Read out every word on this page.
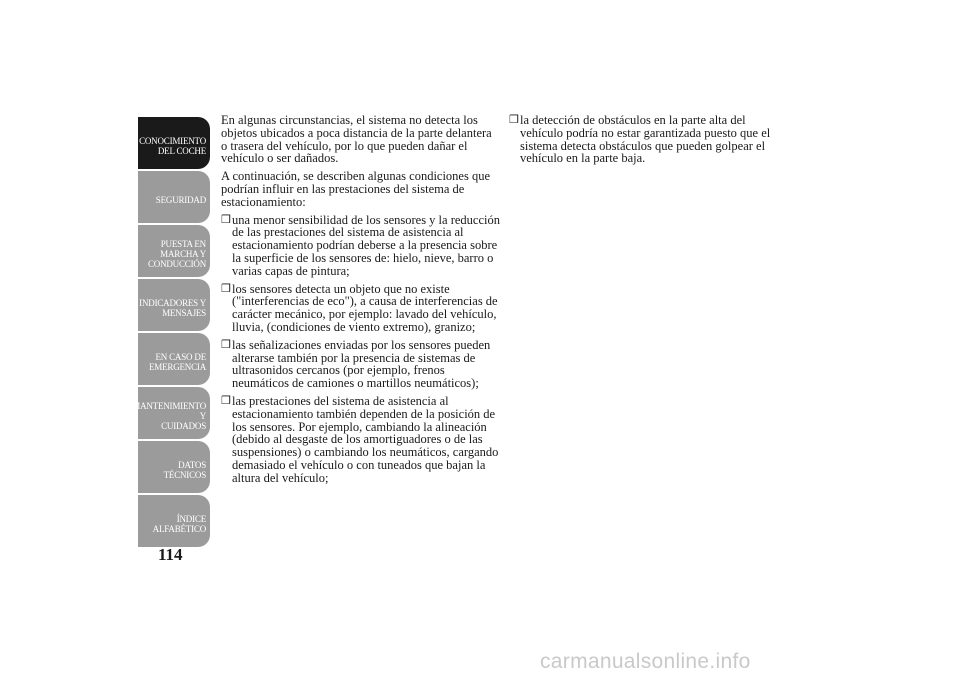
CONOCIMIENTO
DEL COCHE
SEGURIDAD
PUESTA EN
MARCHA Y
CONDUCCIÓN
INDICADORES Y
MENSAJES
EN CASO DE
EMERGENCIA
MANTENIMIENTO Y
CUIDADOS
DATOS TÉCNICOS
ÍNDICE
ALFABÉTICO
114

En algunas circunstancias, el sistema no detecta los objetos ubicados a poca distancia de la parte delantera o trasera del vehículo, por lo que pueden dañar el vehículo o ser dañados.

A continuación, se describen algunas condiciones que podrían influir en las prestaciones del sistema de estacionamiento:

❒ una menor sensibilidad de los sensores y la reducción de las prestaciones del sistema de asistencia al estacionamiento podrían deberse a la presencia sobre la superficie de los sensores de: hielo, nieve, barro o varias capas de pintura;
❒ los sensores detecta un objeto que no existe ("interferencias de eco"), a causa de interferencias de carácter mecánico, por ejemplo: lavado del vehículo, lluvia, (condiciones de viento extremo), granizo;
❒ las señalizaciones enviadas por los sensores pueden alterarse también por la presencia de sistemas de ultrasonidos cercanos (por ejemplo, frenos neumáticos de camiones o martillos neumáticos);
❒ las prestaciones del sistema de asistencia al estacionamiento también dependen de la posición de los sensores. Por ejemplo, cambiando la alineación (debido al desgaste de los amortiguadores o de las suspensiones) o cambiando los neumáticos, cargando demasiado el vehículo o con tuneados que bajan la altura del vehículo;
❒ la detección de obstáculos en la parte alta del vehículo podría no estar garantizada puesto que el sistema detecta obstáculos que pueden golpear el vehículo en la parte baja.
carmanualsonline.info
